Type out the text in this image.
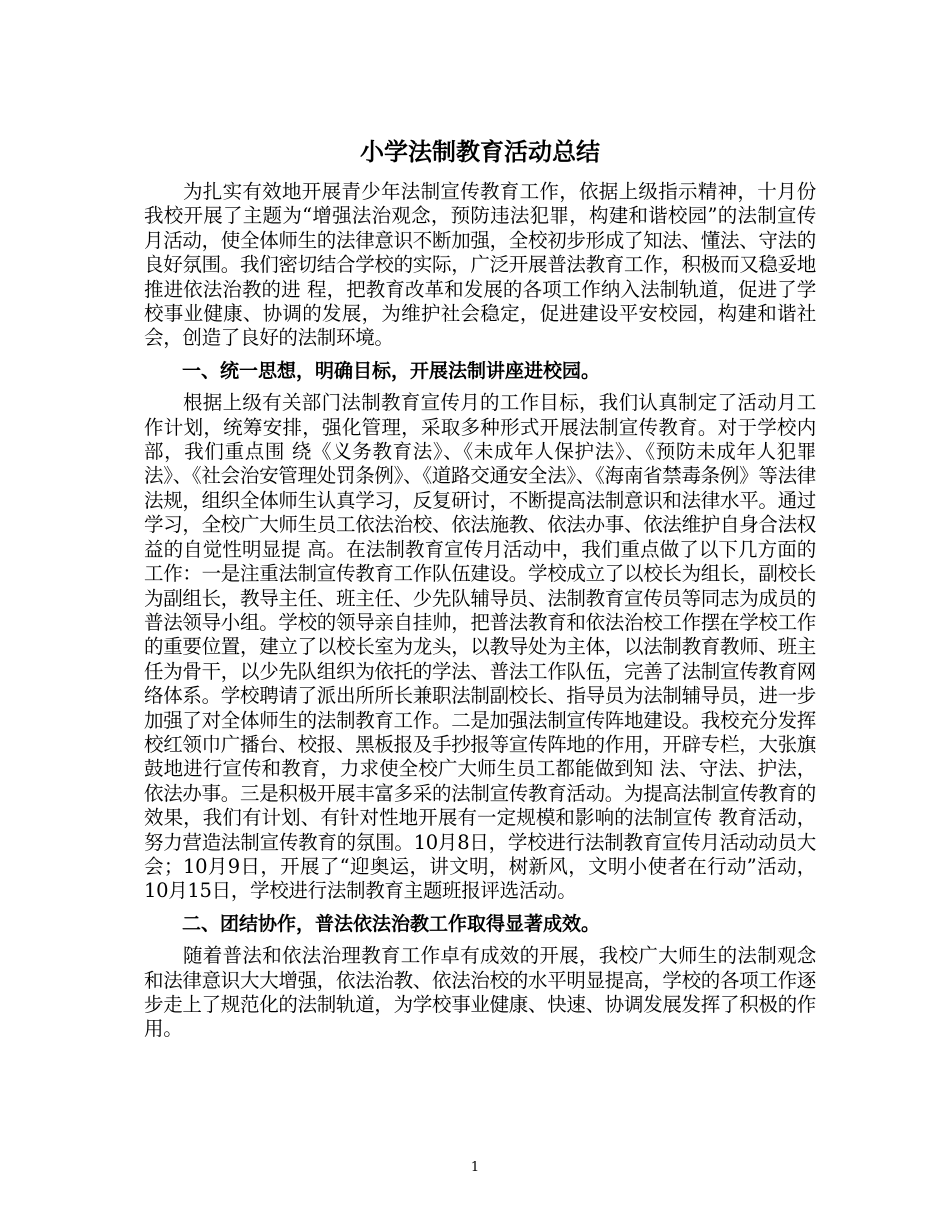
小学法制教育活动总结

为扎实有效地开展青少年法制宣传教育工作，依据上级指示精神，十月份我校开展了主题为“增强法治观念，预防违法犯罪，构建和谐校园”的法制宣传月活动，使全体师生的法律意识不断加强，全校初步形成了知法、懂法、守法的良好氛围。我们密切结合学校的实际，广泛开展普法教育工作，积极而又稳妥地推进依法治教的进 程，把教育改革和发展的各项工作纳入法制轨道，促进了学校事业健康、协调的发展，为维护社会稳定，促进建设平安校园，构建和谐社会，创造了良好的法制环境。

一、统一思想，明确目标，开展法制讲座进校园。

根据上级有关部门法制教育宣传月的工作目标，我们认真制定了活动月工作计划，统筹安排，强化管理，采取多种形式开展法制宣传教育。对于学校内部，我们重点围 绕《义务教育法》、《未成年人保护法》、《预防未成年人犯罪法》、《社会治安管理处罚条例》、《道路交通安全法》、《海南省禁毒条例》等法律法规，组织全体师生认真学习，反复研讨，不断提高法制意识和法律水平。通过学习，全校广大师生员工依法治校、依法施教、依法办事、依法维护自身合法权益的自觉性明显提 高。在法制教育宣传月活动中，我们重点做了以下几方面的工作：一是注重法制宣传教育工作队伍建设。学校成立了以校长为组长，副校长为副组长，教导主任、班主任、少先队辅导员、法制教育宣传员等同志为成员的普法领导小组。学校的领导亲自挂帅，把普法教育和依法治校工作摆在学校工作的重要位置，建立了以校长室为龙头，以教导处为主体，以法制教育教师、班主任为骨干，以少先队组织为依托的学法、普法工作队伍，完善了法制宣传教育网络体系。学校聘请了派出所所长兼职法制副校长、指导员为法制辅导员，进一步加强了对全体师生的法制教育工作。二是加强法制宣传阵地建设。我校充分发挥校红领巾广播台、校报、黑板报及手抄报等宣传阵地的作用，开辟专栏，大张旗鼓地进行宣传和教育，力求使全校广大师生员工都能做到知 法、守法、护法，依法办事。三是积极开展丰富多采的法制宣传教育活动。为提高法制宣传教育的效果，我们有计划、有针对性地开展有一定规模和影响的法制宣传 教育活动，努力营造法制宣传教育的氛围。10月8日，学校进行法制教育宣传月活动动员大会；10月9日，开展了“迎奥运，讲文明，树新风，文明小使者在行动”活动，10月15日，学校进行法制教育主题班报评选活动。

二、团结协作，普法依法治教工作取得显著成效。

随着普法和依法治理教育工作卓有成效的开展，我校广大师生的法制观念和法律意识大大增强，依法治教、依法治校的水平明显提高，学校的各项工作逐步走上了规范化的法制轨道，为学校事业健康、快速、协调发展发挥了积极的作用。

1
